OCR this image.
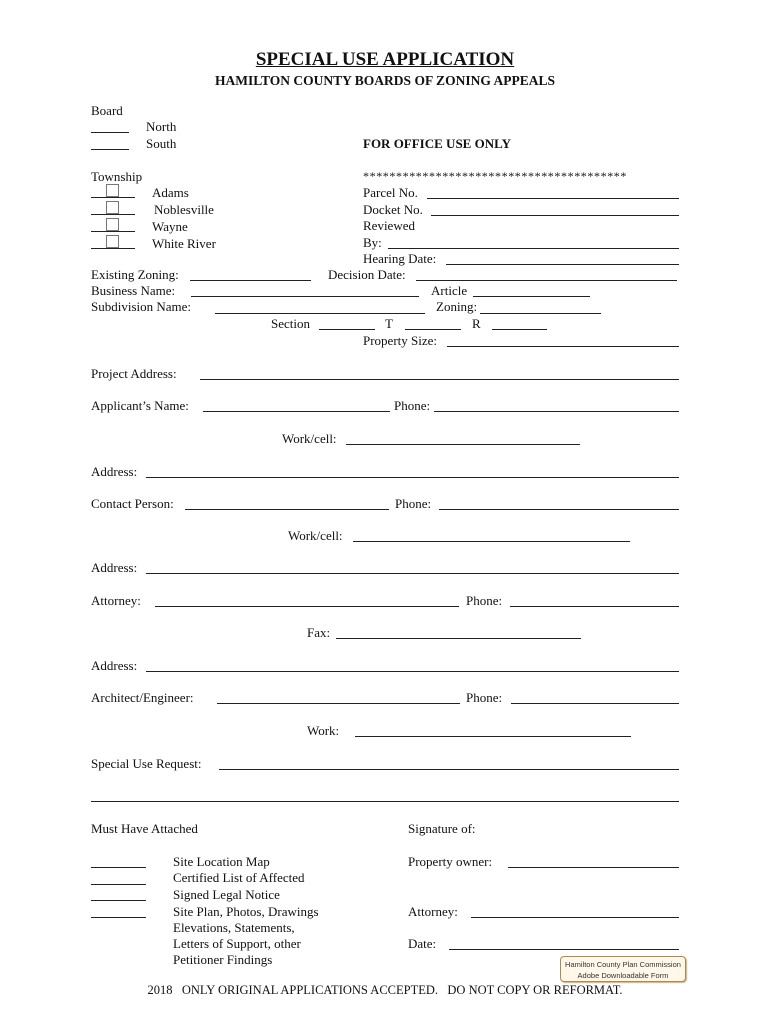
SPECIAL USE APPLICATION
HAMILTON COUNTY BOARDS OF ZONING APPEALS
Board
North
South	FOR OFFICE USE ONLY
****************************************
Township
Adams
Noblesville
Wayne
White River
Parcel No.
Docket No.
Reviewed
By:
Hearing Date:
Existing Zoning:	Decision Date:
Business Name:	Article
Subdivision Name:	Zoning:
Section	T	R
Property Size:
Project Address:
Applicant’s Name:	Phone:
Work/cell:
Address:
Contact Person:	Phone:
Work/cell:
Address:
Attorney:	Phone:
Fax:
Address:
Architect/Engineer:	Phone:
Work:
Special Use Request:
Must Have Attached
Site Location Map
Certified List of Affected
Signed Legal Notice
Site Plan, Photos, Drawings
Elevations, Statements,
Letters of Support, other
Petitioner Findings
Signature of:
Property owner:
Attorney:
Date:
Hamilton County Plan Commission
Adobe Downloadable Form
2018   ONLY ORIGINAL APPLICATIONS ACCEPTED.   DO NOT COPY OR REFORMAT.
